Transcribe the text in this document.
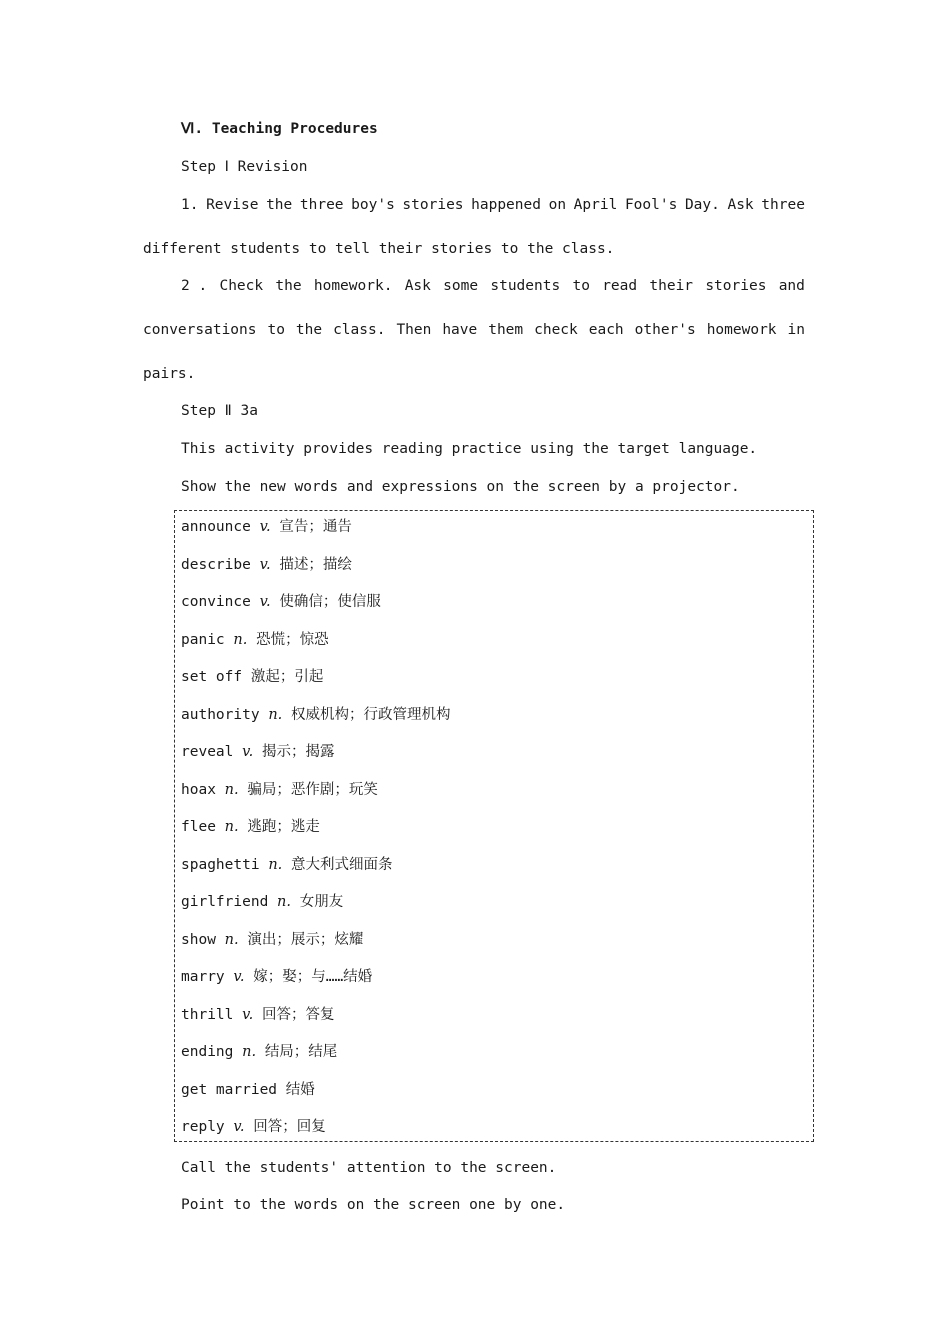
Ⅵ. Teaching Procedures
Step Ⅰ Revision
1. Revise the three boy's stories happened on April Fool's Day. Ask three
different students to tell their stories to the class.
2 . Check the homework. Ask some students to read their stories and
conversations to the class. Then have them check each other's homework in
pairs.
Step Ⅱ 3a
This activity provides reading practice using the target language.
Show the new words and expressions on the screen by a projector.
announce v. 宣告；通告
describe v. 描述；描绘
convince v. 使确信；使信服
panic n. 恐慌；惊恐
set off 激起；引起
authority n. 权威机构；行政管理机构
reveal v. 揭示；揭露
hoax n. 骗局；恶作剧；玩笑
flee n. 逃跑；逃走
spaghetti n. 意大利式细面条
girlfriend n. 女朋友
show n. 演出；展示；炫耀
marry v. 嫁；娶；与……结婚
thrill v. 回答；答复
ending n. 结局；结尾
get married 结婚
reply v. 回答；回复
Call the students' attention to the screen.
Point to the words on the screen one by one.
